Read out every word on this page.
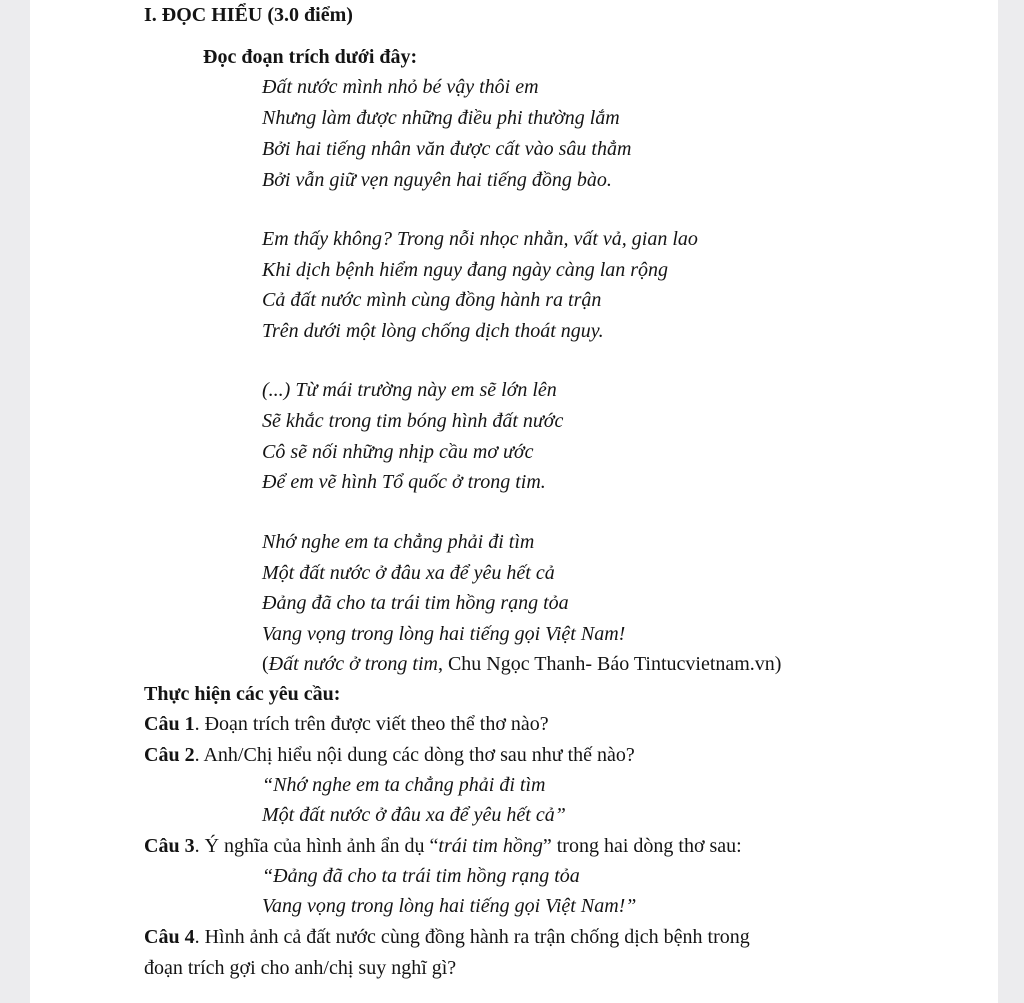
I. ĐỌC HIỂU (3.0 điểm)
Đọc đoạn trích dưới đây:
Đất nước mình nhỏ bé vậy thôi em
Nhưng làm được những điều phi thường lắm
Bởi hai tiếng nhân văn được cất vào sâu thẳm
Bởi vẫn giữ vẹn nguyên hai tiếng đồng bào.
Em thấy không? Trong nỗi nhọc nhằn, vất vả, gian lao
Khi dịch bệnh hiểm nguy đang ngày càng lan rộng
Cả đất nước mình cùng đồng hành ra trận
Trên dưới một lòng chống dịch thoát nguy.
(...) Từ mái trường này em sẽ lớn lên
Sẽ khắc trong tim bóng hình đất nước
Cô sẽ nối những nhịp cầu mơ ước
Để em vẽ hình Tổ quốc ở trong tim.
Nhớ nghe em ta chẳng phải đi tìm
Một đất nước ở đâu xa để yêu hết cả
Đảng đã cho ta trái tim hồng rạng tỏa
Vang vọng trong lòng hai tiếng gọi Việt Nam!
(Đất nước ở trong tim, Chu Ngọc Thanh- Báo Tintucvietnam.vn)
Thực hiện các yêu cầu:
Câu 1. Đoạn trích trên được viết theo thể thơ nào?
Câu 2. Anh/Chị hiểu nội dung các dòng thơ sau như thế nào?
“Nhớ nghe em ta chẳng phải đi tìm
Một đất nước ở đâu xa để yêu hết cả”
Câu 3. Ý nghĩa của hình ảnh ẩn dụ “trái tim hồng” trong hai dòng thơ sau:
“Đảng đã cho ta trái tim hồng rạng tỏa
Vang vọng trong lòng hai tiếng gọi Việt Nam!”
Câu 4. Hình ảnh cả đất nước cùng đồng hành ra trận chống dịch bệnh trong
đoạn trích gợi cho anh/chị suy nghĩ gì?
